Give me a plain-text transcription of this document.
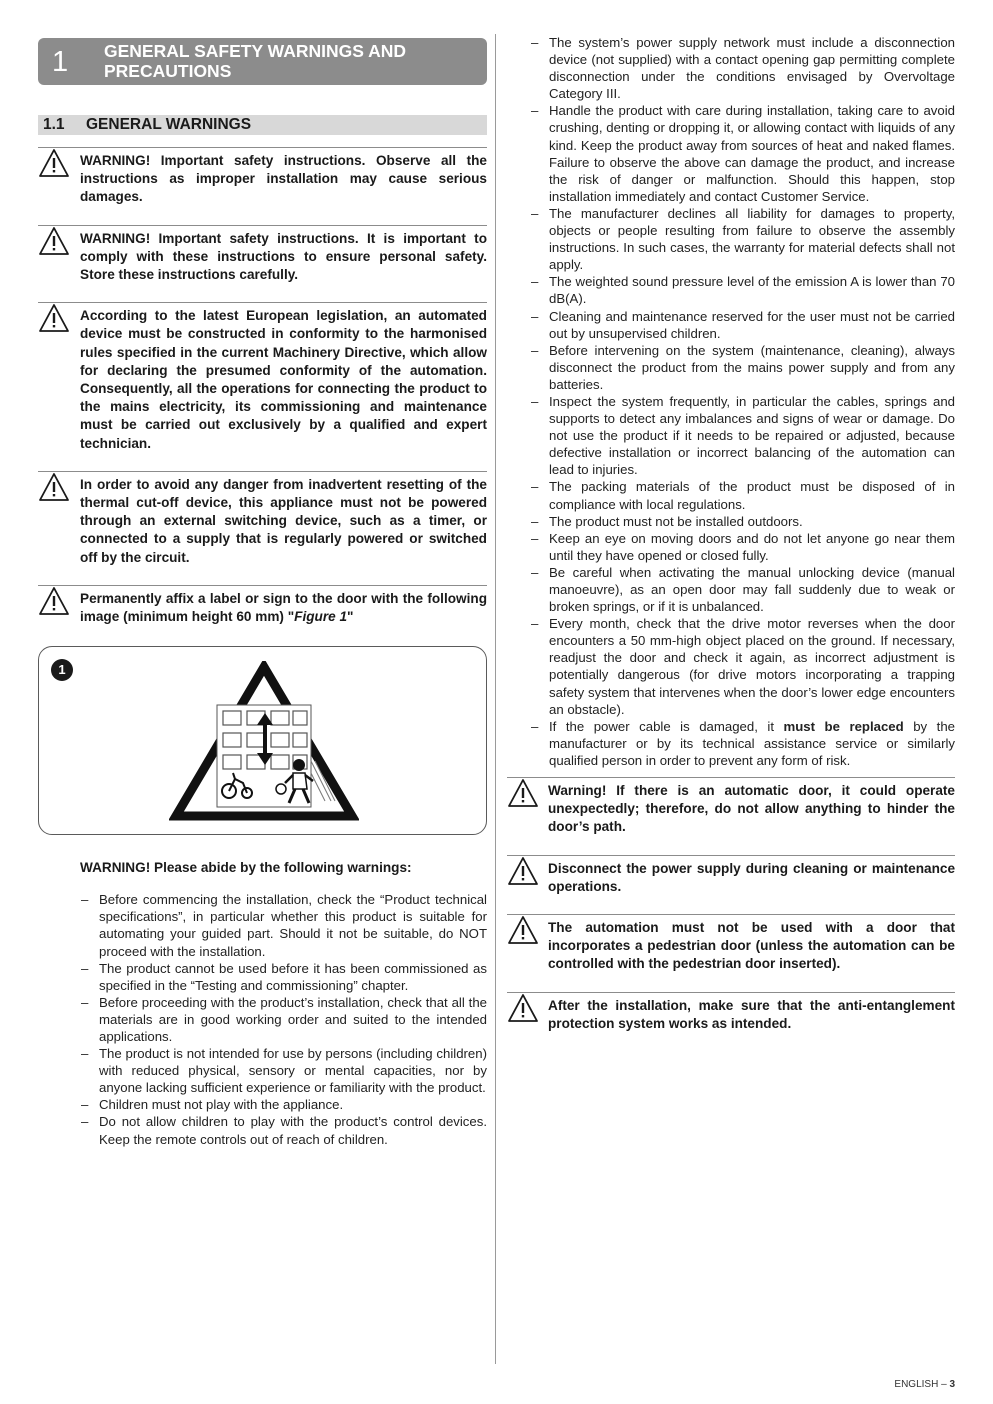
1 GENERAL SAFETY WARNINGS AND PRECAUTIONS
1.1	GENERAL WARNINGS

WARNING! Important safety instructions. Observe all the instructions as improper installation may cause serious damages.

WARNING! Important safety instructions. It is important to comply with these instructions to ensure personal safety. Store these instructions carefully.

According to the latest European legislation, an automated device must be constructed in conformity to the harmonised rules specified in the current Machinery Directive, which allow for declaring the presumed conformity of the automation. Consequently, all the operations for connecting the product to the mains electricity, its commissioning and maintenance must be carried out exclusively by a qualified and expert technician.

In order to avoid any danger from inadvertent resetting of the thermal cut-off device, this appliance must not be powered through an external switching device, such as a timer, or connected to a supply that is regularly powered or switched off by the circuit.

Permanently affix a label or sign to the door with the following image (minimum height 60 mm) "Figure 1"

1
WARNING! Please abide by the following warnings:
– Before commencing the installation, check the “Product technical specifications”, in particular whether this product is suitable for automating your guided part. Should it not be suitable, do NOT proceed with the installation.
– The product cannot be used before it has been commissioned as specified in the “Testing and commissioning” chapter.
– Before proceeding with the product’s installation, check that all the materials are in good working order and suited to the intended applications.
– The product is not intended for use by persons (including children) with reduced physical, sensory or mental capacities, nor by anyone lacking sufficient experience or familiarity with the product.
– Children must not play with the appliance.
– Do not allow children to play with the product’s control devices. Keep the remote controls out of reach of children.
– The system’s power supply network must include a disconnection device (not supplied) with a contact opening gap permitting complete disconnection under the conditions envisaged by Overvoltage Category III.
– Handle the product with care during installation, taking care to avoid crushing, denting or dropping it, or allowing contact with liquids of any kind. Keep the product away from sources of heat and naked flames. Failure to observe the above can damage the product, and increase the risk of danger or malfunction. Should this happen, stop installation immediately and contact Customer Service.
– The manufacturer declines all liability for damages to property, objects or people resulting from failure to observe the assembly instructions. In such cases, the warranty for material defects shall not apply.
– The weighted sound pressure level of the emission A is lower than 70 dB(A).
– Cleaning and maintenance reserved for the user must not be carried out by unsupervised children.
– Before intervening on the system (maintenance, cleaning), always disconnect the product from the mains power supply and from any batteries.
– Inspect the system frequently, in particular the cables, springs and supports to detect any imbalances and signs of wear or damage. Do not use the product if it needs to be repaired or adjusted, because defective installation or incorrect balancing of the automation can lead to injuries.
– The packing materials of the product must be disposed of in compliance with local regulations.
– The product must not be installed outdoors.
– Keep an eye on moving doors and do not let anyone go near them until they have opened or closed fully.
– Be careful when activating the manual unlocking device (manual manoeuvre), as an open door may fall suddenly due to weak or broken springs, or if it is unbalanced.
– Every month, check that the drive motor reverses when the door encounters a 50 mm-high object placed on the ground. If necessary, readjust the door and check it again, as incorrect adjustment is potentially dangerous (for drive motors incorporating a trapping safety system that intervenes when the door’s lower edge encounters an obstacle).
– If the power cable is damaged, it must be replaced by the manufacturer or by its technical assistance service or similarly qualified person in order to prevent any form of risk.

Warning! If there is an automatic door, it could operate unexpectedly; therefore, do not allow anything to hinder the door’s path.

Disconnect the power supply during cleaning or maintenance operations.

The automation must not be used with a door that incorporates a pedestrian door (unless the automation can be controlled with the pedestrian door inserted).

After the installation, make sure that the anti-entanglement protection system works as intended.

ENGLISH – 3
